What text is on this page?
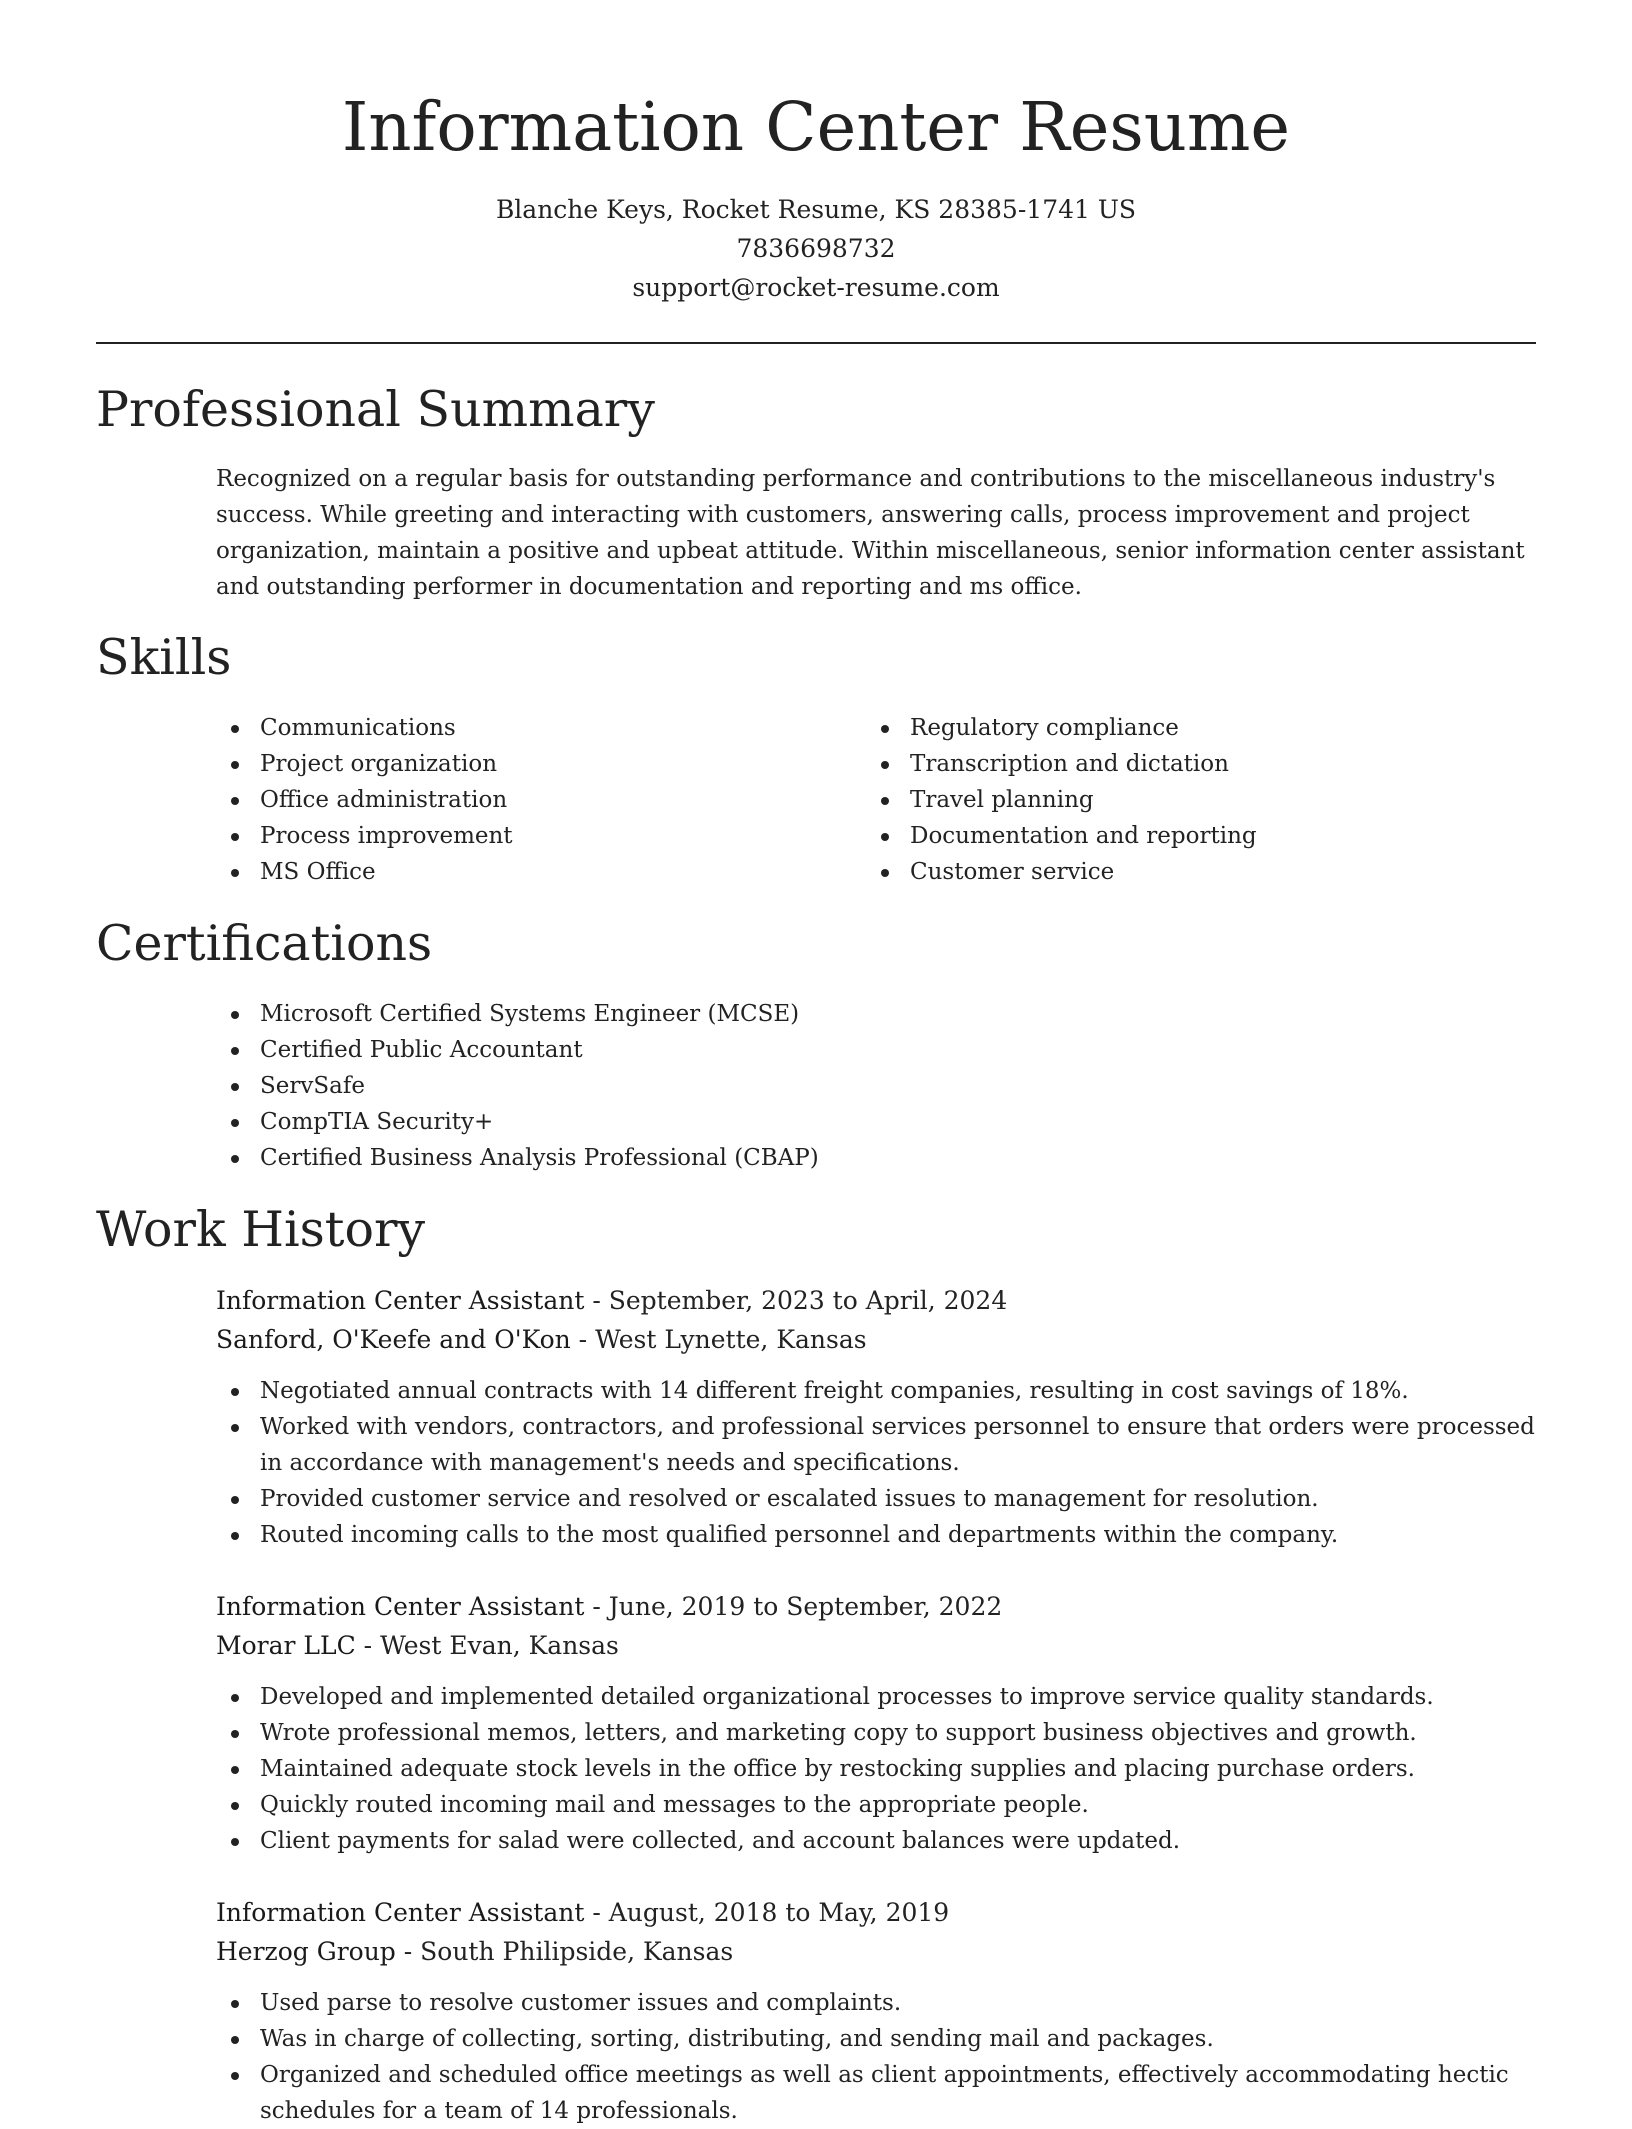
Information Center Resume
Blanche Keys, Rocket Resume, KS 28385-1741 US
7836698732
support@rocket-resume.com
Professional Summary

Recognized on a regular basis for outstanding performance and contributions to the miscellaneous industry's success. While greeting and interacting with customers, answering calls, process improvement and project organization, maintain a positive and upbeat attitude. Within miscellaneous, senior information center assistant and outstanding performer in documentation and reporting and ms office.

Skills
Communications
Project organization
Office administration
Process improvement
MS Office
Regulatory compliance
Transcription and dictation
Travel planning
Documentation and reporting
Customer service
Certifications
Microsoft Certified Systems Engineer (MCSE)
Certified Public Accountant
ServSafe
CompTIA Security+
Certified Business Analysis Professional (CBAP)
Work History
Information Center Assistant - September, 2023 to April, 2024
Sanford, O'Keefe and O'Kon - West Lynette, Kansas
Negotiated annual contracts with 14 different freight companies, resulting in cost savings of 18%.
Worked with vendors, contractors, and professional services personnel to ensure that orders were processed in accordance with management's needs and specifications.
Provided customer service and resolved or escalated issues to management for resolution.
Routed incoming calls to the most qualified personnel and departments within the company.
Information Center Assistant - June, 2019 to September, 2022
Morar LLC - West Evan, Kansas
Developed and implemented detailed organizational processes to improve service quality standards.
Wrote professional memos, letters, and marketing copy to support business objectives and growth.
Maintained adequate stock levels in the office by restocking supplies and placing purchase orders.
Quickly routed incoming mail and messages to the appropriate people.
Client payments for salad were collected, and account balances were updated.
Information Center Assistant - August, 2018 to May, 2019
Herzog Group - South Philipside, Kansas
Used parse to resolve customer issues and complaints.
Was in charge of collecting, sorting, distributing, and sending mail and packages.
Organized and scheduled office meetings as well as client appointments, effectively accommodating hectic schedules for a team of 14 professionals.
